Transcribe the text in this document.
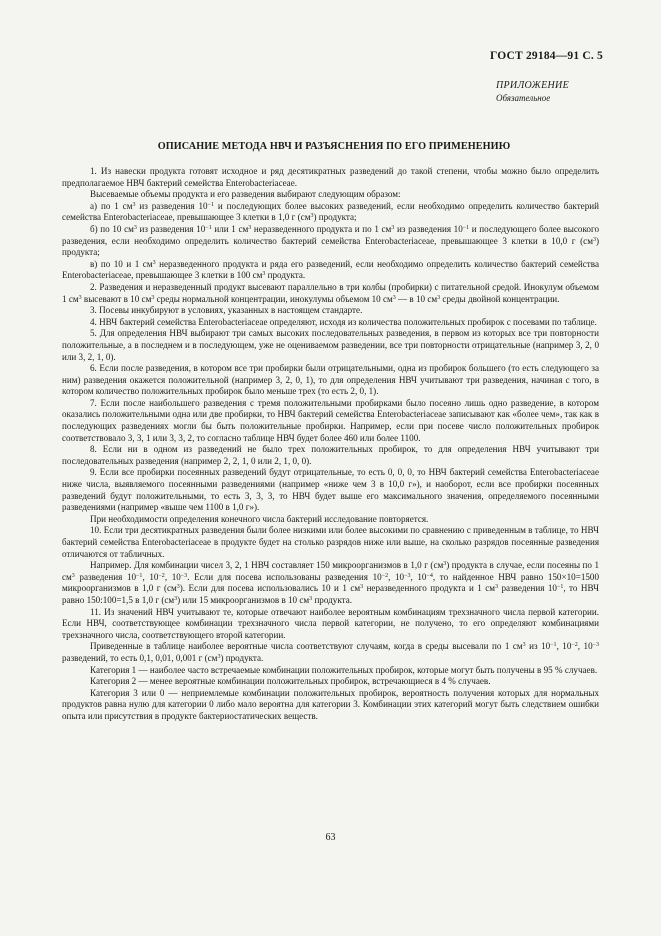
ГОСТ 29184—91 С. 5
ПРИЛОЖЕНИЕ
Обязательное
ОПИСАНИЕ МЕТОДА НВЧ И РАЗЪЯСНЕНИЯ ПО ЕГО ПРИМЕНЕНИЮ

1. Из навески продукта готовят исходное и ряд десятикратных разведений до такой степени, чтобы можно было определить предполагаемое НВЧ бактерий семейства Enterobacteriaceae.

Высеваемые объемы продукта и его разведения выбирают следующим образом:

а) по 1 $см^3$ из разведения $10^{-1}$ и последующих более высоких разведений, если необходимо определить количество бактерий семейства Enterobacteriaceae, превышающее 3 клетки в 1,0 г $(см^3)$ продукта;

б) по 10 $см^3$ из разведения $10^{-1}$ или 1 $см^3$ неразведенного продукта и по 1 $см^3$ из разведения $10^{-1}$ и последующего более высокого разведения, если необходимо определить количество бактерий семейства Enterobacteriaceae, превышающее 3 клетки в 10,0 г $(см^3)$ продукта;

в) по 10 и 1 $см^3$ неразведенного продукта и ряда его разведений, если необходимо определить количество бактерий семейства Enterobacteriaceae, превышающее 3 клетки в 100 $см^3$ продукта.

2. Разведения и неразведенный продукт высевают параллельно в три колбы (пробирки) с питательной средой. Инокулум объемом 1 $см^3$ высевают в 10 $см^3$ среды нормальной концентрации, инокулумы объемом 10 $см^3$ — в 10 $см^3$ среды двойной концентрации.

3. Посевы инкубируют в условиях, указанных в настоящем стандарте.

4. НВЧ бактерий семейства Enterobacteriaceae определяют, исходя из количества положительных пробирок с посевами по таблице.

5. Для определения НВЧ выбирают три самых высоких последовательных разведения, в первом из которых все три повторности положительные, а в последнем и в последующем, уже не оцениваемом разведении, все три повторности отрицательные (например 3, 2, 0 или 3, 2, 1, 0).

6. Если после разведения, в котором все три пробирки были отрицательными, одна из пробирок большего (то есть следующего за ним) разведения окажется положительной (например 3, 2, 0, 1), то для определения НВЧ учитывают три разведения, начиная с того, в котором количество положительных пробирок было меньше трех (то есть 2, 0, 1).

7. Если после наибольшего разведения с тремя положительными пробирками было посеяно лишь одно разведение, в котором оказались положительными одна или две пробирки, то НВЧ бактерий семейства Enterobacteriaceae записывают как «более чем», так как в последующих разведениях могли бы быть положительные пробирки. Например, если при посеве число положительных пробирок соответствовало 3, 3, 1 или 3, 3, 2, то согласно таблице НВЧ будет более 460 или более 1100.

8. Если ни в одном из разведений не было трех положительных пробирок, то для определения НВЧ учитывают три последовательных разведения (например 2, 2, 1, 0 или 2, 1, 0, 0).

9. Если все пробирки посеянных разведений будут отрицательные, то есть 0, 0, 0, то НВЧ бактерий семейства Enterobacteriaceae ниже числа, выявляемого посеянными разведениями (например «ниже чем 3 в 10,0 г»), и наоборот, если все пробирки посеянных разведений будут положительными, то есть 3, 3, 3, то НВЧ будет выше его максимального значения, определяемого посеянными разведениями (например «выше чем 1100 в 1,0 г»).

При необходимости определения конечного числа бактерий исследование повторяется.

10. Если три десятикратных разведения были более низкими или более высокими по сравнению с приведенным в таблице, то НВЧ бактерий семейства Enterobacteriaceae в продукте будет на столько разрядов ниже или выше, на сколько разрядов посеянные разведения отличаются от табличных.

Например. Для комбинации чисел 3, 2, 1 НВЧ составляет 150 микроорганизмов в 1,0 г $(см^3)$ продукта в случае, если посеяны по 1 $см^3$ разведения $10^{-1}$, $10^{-2}$, $10^{-3}$. Если для посева использованы разведения $10^{-2}$, $10^{-3}$, $10^{-4}$, то найденное НВЧ равно 150×10=1500 микроорганизмов в 1,0 г $(см^3)$. Если для посева использовались 10 и 1 $см^3$ неразведенного продукта и 1 $см^3$ разведения $10^{-1}$, то НВЧ равно 150:100=1,5 в 1,0 г $(см^3)$ или 15 микроорганизмов в 10 $см^3$ продукта.

11. Из значений НВЧ учитывают те, которые отвечают наиболее вероятным комбинациям трехзначного числа первой категории. Если НВЧ, соответствующее комбинации трехзначного числа первой категории, не получено, то его определяют комбинациями трехзначного числа, соответствующего второй категории.

Приведенные в таблице наиболее вероятные числа соответствуют случаям, когда в среды высевали по 1 $см^3$ из $10^{-1}$, $10^{-2}$, $10^{-3}$ разведений, то есть 0,1, 0,01, 0,001 г $(см^3)$ продукта.

Категория 1 — наиболее часто встречаемые комбинации положительных пробирок, которые могут быть получены в 95 % случаев.

Категория 2 — менее вероятные комбинации положительных пробирок, встречающиеся в 4 % случаев.

Категория 3 или 0 — неприемлемые комбинации положительных пробирок, вероятность получения которых для нормальных продуктов равна нулю для категории 0 либо мало вероятна для категории 3. Комбинации этих категорий могут быть следствием ошибки опыта или присутствия в продукте бактериостатических веществ.

63
